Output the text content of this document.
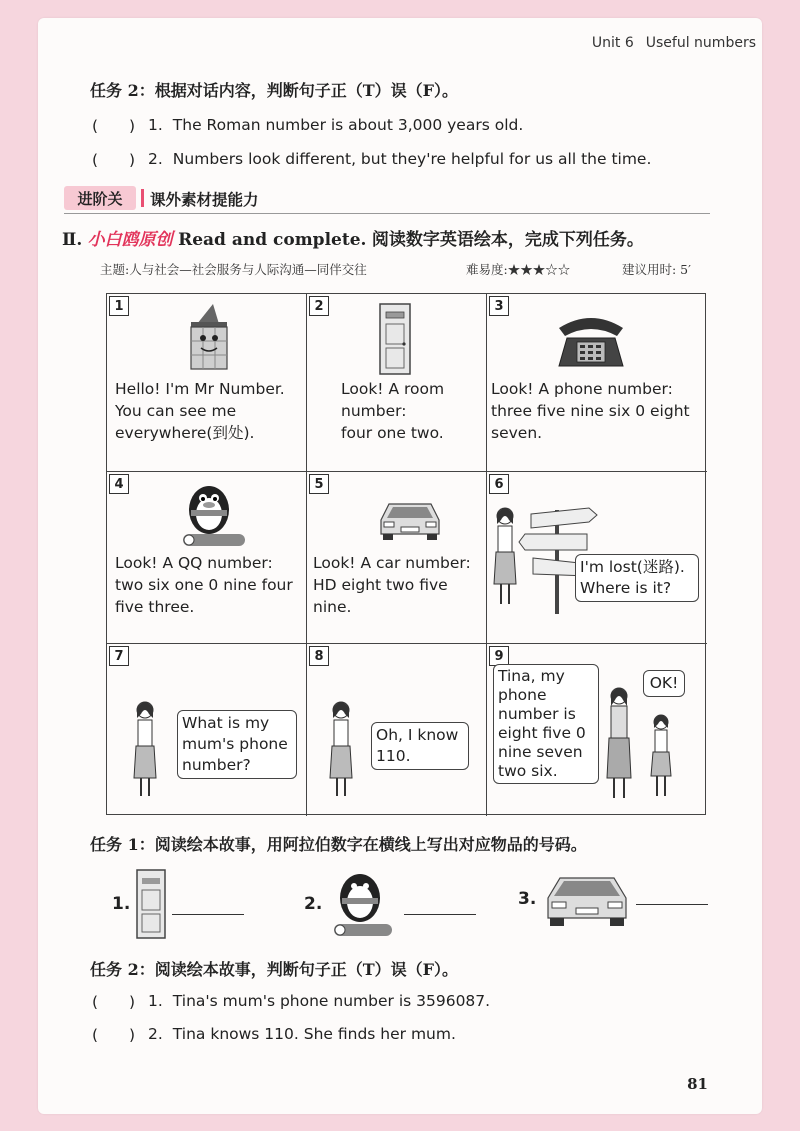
Unit 6 Useful numbers
任务 2：根据对话内容，判断句子正（T）误（F）。
(　　) 1. The Roman number is about 3,000 years old.
(　　) 2. Numbers look different, but they're helpful for us all the time.
进阶关	课外素材提能力
Ⅱ. 小白鸥原创 Read and complete. 阅读数字英语绘本，完成下列任务。
主题:人与社会—社会服务与人际沟通—同伴交往	难易度:★★★☆☆	建议用时: 5′
1
Hello! I'm Mr Number.
You can see me
everywhere(到处).
2
Look! A room
number:
four one two.
3
Look! A phone number:
three five nine six 0 eight
seven.
4
Look! A QQ number:
two six one 0 nine four
five three.
5
Look! A car number:
HD eight two five
nine.
6
I'm lost(迷路).
Where is it?
7
What is my
mum's phone
number?
8
Oh, I know
110.
9
Tina, my
phone
number is
eight five 0
nine seven
two six.
OK!
任务 1：阅读绘本故事，用阿拉伯数字在横线上写出对应物品的号码。
1.	2.	3.
任务 2：阅读绘本故事，判断句子正（T）误（F）。
(　　) 1. Tina's mum's phone number is 3596087.
(　　) 2. Tina knows 110. She finds her mum.
81
